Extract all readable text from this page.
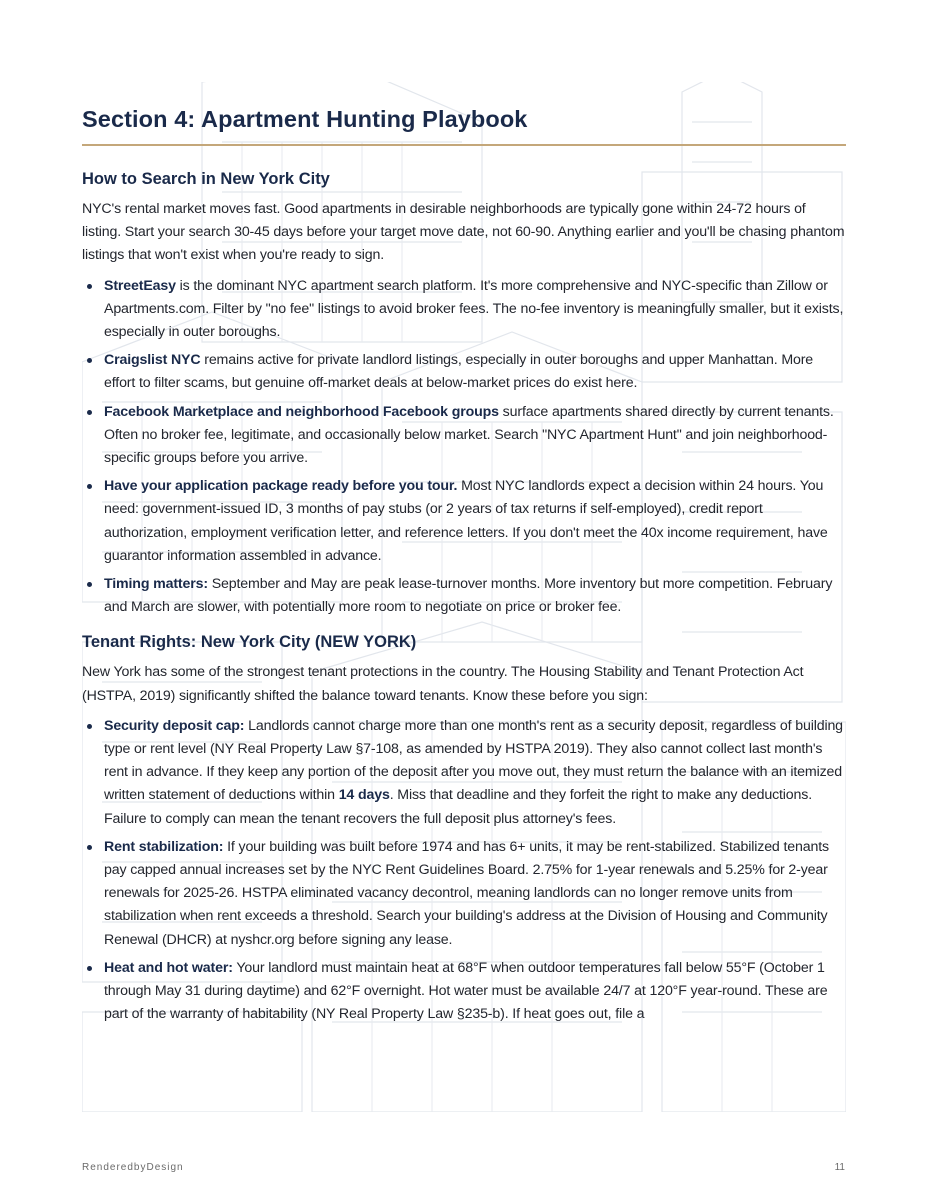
Section 4: Apartment Hunting Playbook
How to Search in New York City

NYC's rental market moves fast. Good apartments in desirable neighborhoods are typically gone within 24-72 hours of listing. Start your search 30-45 days before your target move date, not 60-90. Anything earlier and you'll be chasing phantom listings that won't exist when you're ready to sign.

StreetEasy is the dominant NYC apartment search platform. It's more comprehensive and NYC-specific than Zillow or Apartments.com. Filter by "no fee" listings to avoid broker fees. The no-fee inventory is meaningfully smaller, but it exists, especially in outer boroughs.
Craigslist NYC remains active for private landlord listings, especially in outer boroughs and upper Manhattan. More effort to filter scams, but genuine off-market deals at below-market prices do exist here.
Facebook Marketplace and neighborhood Facebook groups surface apartments shared directly by current tenants. Often no broker fee, legitimate, and occasionally below market. Search "NYC Apartment Hunt" and join neighborhood-specific groups before you arrive.
Have your application package ready before you tour. Most NYC landlords expect a decision within 24 hours. You need: government-issued ID, 3 months of pay stubs (or 2 years of tax returns if self-employed), credit report authorization, employment verification letter, and reference letters. If you don't meet the 40x income requirement, have guarantor information assembled in advance.
Timing matters: September and May are peak lease-turnover months. More inventory but more competition. February and March are slower, with potentially more room to negotiate on price or broker fee.
Tenant Rights: New York City (NEW YORK)

New York has some of the strongest tenant protections in the country. The Housing Stability and Tenant Protection Act (HSTPA, 2019) significantly shifted the balance toward tenants. Know these before you sign:

Security deposit cap: Landlords cannot charge more than one month's rent as a security deposit, regardless of building type or rent level (NY Real Property Law §7-108, as amended by HSTPA 2019). They also cannot collect last month's rent in advance. If they keep any portion of the deposit after you move out, they must return the balance with an itemized written statement of deductions within 14 days. Miss that deadline and they forfeit the right to make any deductions. Failure to comply can mean the tenant recovers the full deposit plus attorney's fees.
Rent stabilization: If your building was built before 1974 and has 6+ units, it may be rent-stabilized. Stabilized tenants pay capped annual increases set by the NYC Rent Guidelines Board. 2.75% for 1-year renewals and 5.25% for 2-year renewals for 2025-26. HSTPA eliminated vacancy decontrol, meaning landlords can no longer remove units from stabilization when rent exceeds a threshold. Search your building's address at the Division of Housing and Community Renewal (DHCR) at nyshcr.org before signing any lease.
Heat and hot water: Your landlord must maintain heat at 68°F when outdoor temperatures fall below 55°F (October 1 through May 31 during daytime) and 62°F overnight. Hot water must be available 24/7 at 120°F year-round. These are part of the warranty of habitability (NY Real Property Law §235-b). If heat goes out, file a
RenderedbyDesign	11
